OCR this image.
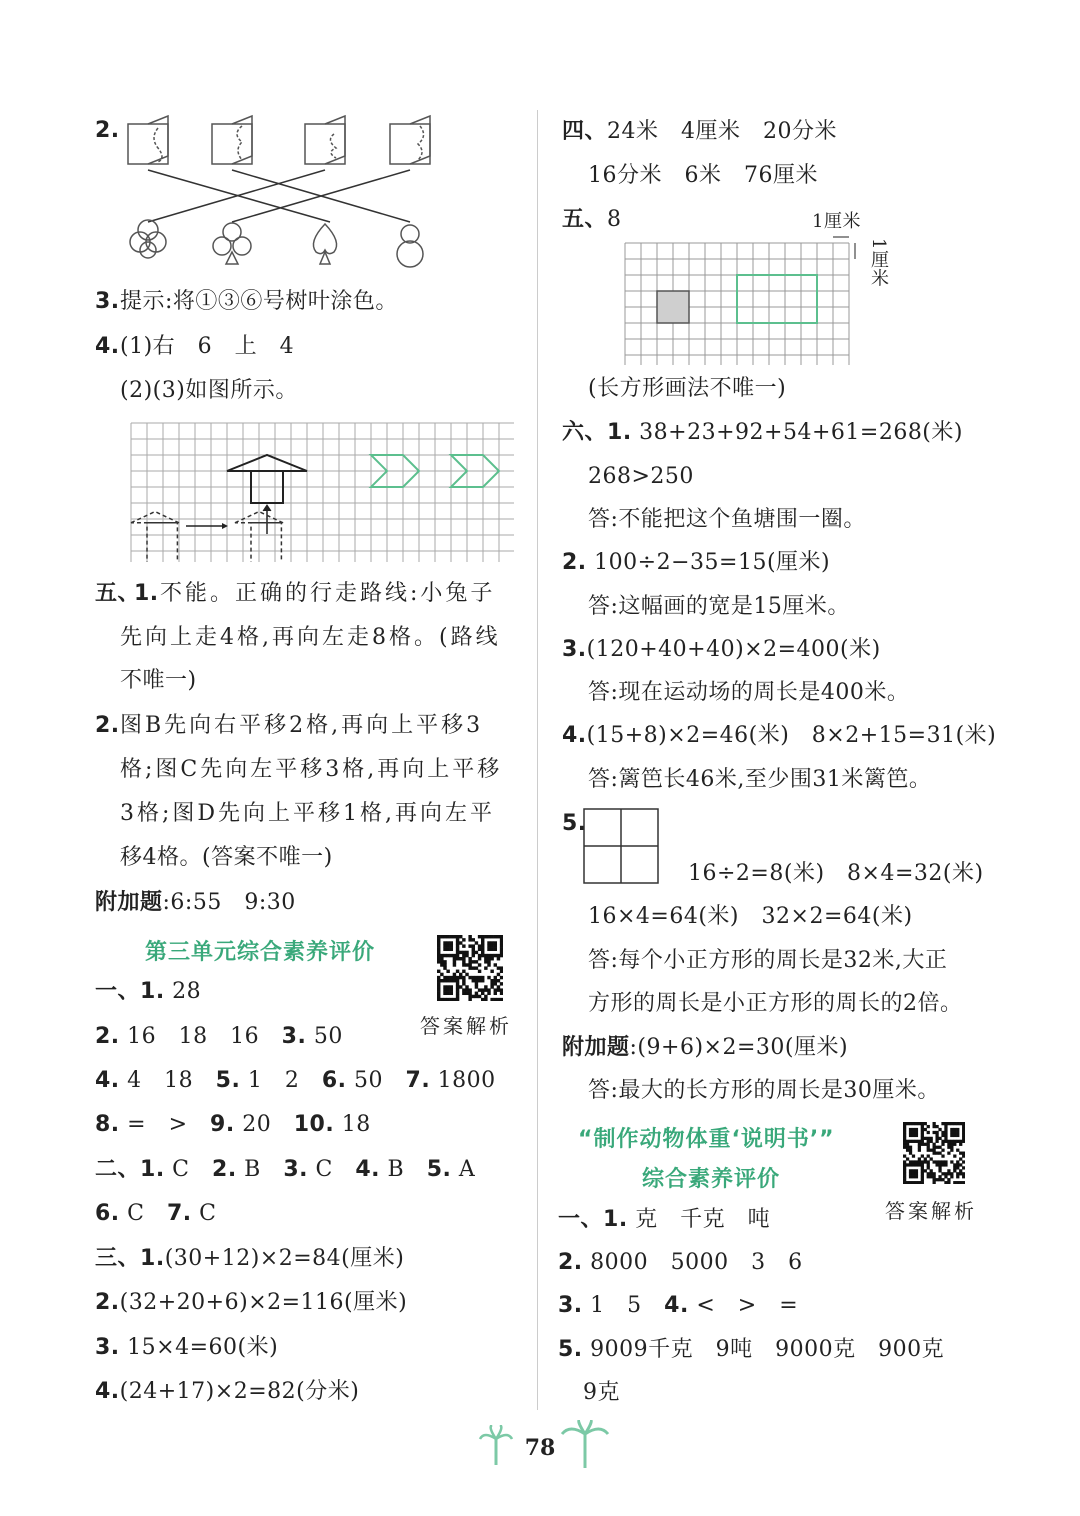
2.
3. 提示:将①③⑥号树叶涂色。
4. (1)右　6　上　4
(2)(3)如图所示。
五、
1. 不能。正确的行走路线:小兔子
先向上走4格,再向左走8格。(路线
不唯一)
2. 图B先向右平移2格,再向上平移3
格;图C先向左平移3格,再向上平移
3格;图D先向上平移1格,再向左平
移4格。(答案不唯一)
附加题:6:55　9:30
第三单元综合素养评价
答案解析
一、1. 28
2. 16　18　16　3. 50
4. 4　18　5. 1　2　6. 50　7. 1800
8. =　>　9. 20　10. 18
二、1. C　2. B　3. C　4. B　5. A
6. C　7. C
三、1.(30+12)×2=84(厘米)
2.(32+20+6)×2=116(厘米)
3. 15×4=60(米)
4.(24+17)×2=82(分米)
四、24米　4厘米　20分米
16分米　6米　76厘米
五、8	1厘米
1厘米
(长方形画法不唯一)
六、1. 38+23+92+54+61=268(米)
268>250
答:不能把这个鱼塘围一圈。
2. 100÷2−35=15(厘米)
答:这幅画的宽是15厘米。
3.(120+40+40)×2=400(米)
答:现在运动场的周长是400米。
4.(15+8)×2=46(米)　8×2+15=31(米)
答:篱笆长46米,至少围31米篱笆。
5.
16÷2=8(米)　8×4=32(米)
16×4=64(米)　32×2=64(米)
答:每个小正方形的周长是32米,大正
方形的周长是小正方形的周长的2倍。
附加题:(9+6)×2=30(厘米)
答:最大的长方形的周长是30厘米。
“制作动物体重‘说明书’”
综合素养评价
答案解析
一、1. 克　千克　吨
2. 8000　5000　3　6
3. 1　5　4. <　>　=
5. 9009千克　9吨　9000克　900克
9克
78
